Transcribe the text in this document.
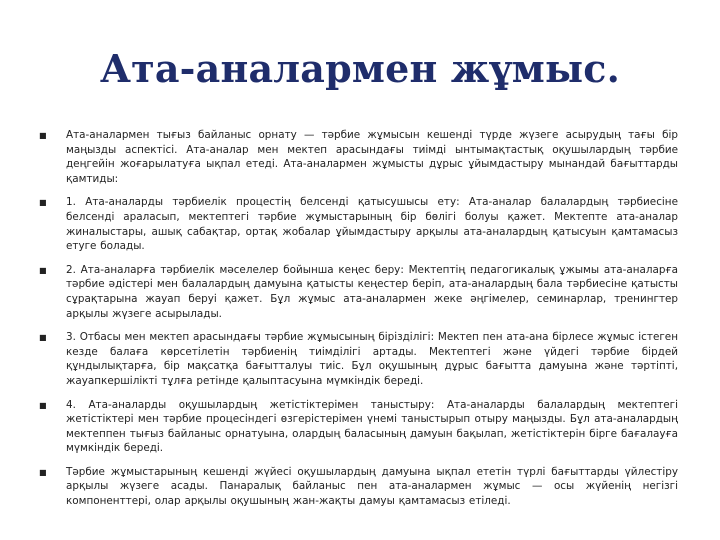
Ата-аналармен жұмыс.
■ Ата-аналармен тығыз байланыс орнату — тәрбие жұмысын кешенді түрде жүзеге асырудың тағы бір маңызды аспектісі. Ата-аналар мен мектеп арасындағы тиімді ынтымақтастық оқушылардың тәрбие деңгейін жоғарылатуға ықпал етеді. Ата-аналармен жұмысты дұрыс ұйымдастыру мынандай бағыттарды қамтиды:
■ 1. Ата-аналарды тәрбиелік процестің белсенді қатысушысы ету: Ата-аналар балалардың тәрбиесіне белсенді араласып, мектептегі тәрбие жұмыстарының бір бөлігі болуы қажет. Мектепте ата-аналар жиналыстары, ашық сабақтар, ортақ жобалар ұйымдастыру арқылы ата-аналардың қатысуын қамтамасыз етуге болады.
■ 2. Ата-аналарға тәрбиелік мәселелер бойынша кеңес беру: Мектептің педагогикалық ұжымы ата-аналарға тәрбие әдістері мен балалардың дамуына қатысты кеңестер беріп, ата-аналардың бала тәрбиесіне қатысты сұрақтарына жауап беруі қажет. Бұл жұмыс ата-аналармен жеке әңгімелер, семинарлар, тренингтер арқылы жүзеге асырылады.
■ 3. Отбасы мен мектеп арасындағы тәрбие жұмысының бірізділігі: Мектеп пен ата-ана бірлесе жұмыс істеген кезде балаға көрсетілетін тәрбиенің тиімділігі артады. Мектептегі және үйдегі тәрбие бірдей құндылықтарға, бір мақсатқа бағытталуы тиіс. Бұл оқушының дұрыс бағытта дамуына және тәртіпті, жауапкершілікті тұлға ретінде қалыптасуына мүмкіндік береді.
■ 4. Ата-аналарды оқушылардың жетістіктерімен таныстыру: Ата-аналарды балалардың мектептегі жетістіктері мен тәрбие процесіндегі өзгерістерімен үнемі таныстырып отыру маңызды. Бұл ата-аналардың мектеппен тығыз байланыс орнатуына, олардың баласының дамуын бақылап, жетістіктерін бірге бағалауға мүмкіндік береді.
■ Тәрбие жұмыстарының кешенді жүйесі оқушылардың дамуына ықпал ететін түрлі бағыттарды үйлестіру арқылы жүзеге асады. Панаралық байланыс пен ата-аналармен жұмыс — осы жүйенің негізгі компоненттері, олар арқылы оқушының жан-жақты дамуы қамтамасыз етіледі.
